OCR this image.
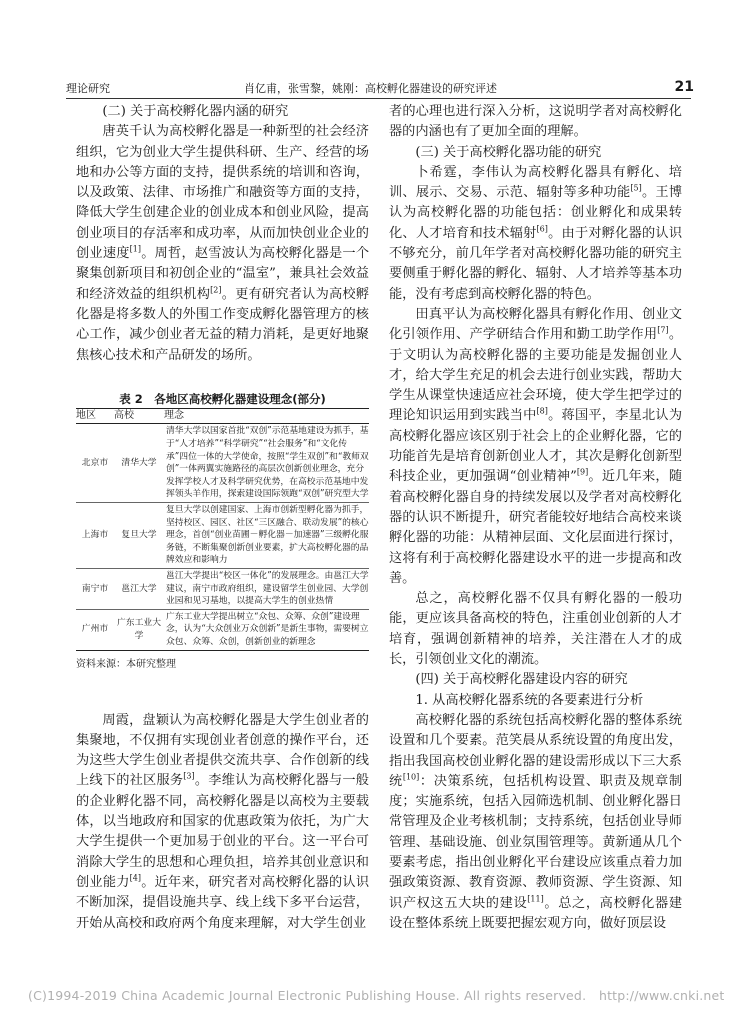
理论研究	肖亿甫，张雪黎，姚刚：高校孵化器建设的研究评述	21

(二) 关于高校孵化器内涵的研究

唐英千认为高校孵化器是一种新型的社会经济组织，它为创业大学生提供科研、生产、经营的场地和办公等方面的支持，提供系统的培训和咨询，以及政策、法律、市场推广和融资等方面的支持，降低大学生创建企业的创业成本和创业风险，提高创业项目的存活率和成功率，从而加快创业企业的创业速度[1]。周哲，赵雪波认为高校孵化器是一个聚集创新项目和初创企业的“温室”，兼具社会效益和经济效益的组织机构[2]。更有研究者认为高校孵化器是将多数人的外围工作变成孵化器管理方的核心工作，减少创业者无益的精力消耗，是更好地聚焦核心技术和产品研发的场所。

表 2　各地区高校孵化器建设理念(部分)
地区	高校	理念
北京市	清华大学	清华大学以国家首批“双创”示范基地建设为抓手，基于“人才培养”“科学研究”“社会服务”和“文化传承”四位一体的大学使命，按照“学生双创”和“教师双创”一体两翼实施路径的高层次创新创业理念，充分发挥学校人才及科学研究优势，在高校示范基地中发挥领头羊作用，探索建设国际领跑“双创”研究型大学
上海市	复旦大学	复旦大学以创建国家、上海市创新型孵化器为抓手，坚持校区、园区、社区“三区融合、联动发展”的核心理念，首创“创业苗圃－孵化器－加速器”三级孵化服务链，不断集聚创新创业要素，扩大高校孵化器的品牌效应和影响力
南宁市	邕江大学	邕江大学提出“校区一体化”的发展理念。由邕江大学建议，南宁市政府组织，建设留学生创业园、大学创业园和见习基地，以提高大学生的创业热情
广州市	广东工业大学	广东工业大学提出树立“众包、众筹、众创”建设理念，认为“大众创业万众创新”是新生事物，需要树立众包、众筹、众创，创新创业的新理念
资料来源：本研究整理

周霞，盘颖认为高校孵化器是大学生创业者的集聚地，不仅拥有实现创业者创意的操作平台，还为这些大学生创业者提供交流共享、合作创新的线上线下的社区服务[3]。李维认为高校孵化器与一般的企业孵化器不同，高校孵化器是以高校为主要载体，以当地政府和国家的优惠政策为依托，为广大大学生提供一个更加易于创业的平台。这一平台可消除大学生的思想和心理负担，培养其创业意识和创业能力[4]。近年来，研究者对高校孵化器的认识不断加深，提倡设施共享、线上线下多平台运营，开始从高校和政府两个角度来理解，对大学生创业

者的心理也进行深入分析，这说明学者对高校孵化器的内涵也有了更加全面的理解。

(三) 关于高校孵化器功能的研究

卜希霆，李伟认为高校孵化器具有孵化、培训、展示、交易、示范、辐射等多种功能[5]。王博认为高校孵化器的功能包括：创业孵化和成果转化、人才培育和技术辐射[6]。由于对孵化器的认识不够充分，前几年学者对高校孵化器功能的研究主要侧重于孵化器的孵化、辐射、人才培养等基本功能，没有考虑到高校孵化器的特色。

田真平认为高校孵化器具有孵化作用、创业文化引领作用、产学研结合作用和勤工助学作用[7]。于文明认为高校孵化器的主要功能是发掘创业人才，给大学生充足的机会去进行创业实践，帮助大学生从课堂快速适应社会环境，使大学生把学过的理论知识运用到实践当中[8]。蒋国平，李星北认为高校孵化器应该区别于社会上的企业孵化器，它的功能首先是培育创新创业人才，其次是孵化创新型科技企业，更加强调“创业精神”[9]。近几年来，随着高校孵化器自身的持续发展以及学者对高校孵化器的认识不断提升，研究者能较好地结合高校来谈孵化器的功能：从精神层面、文化层面进行探讨，这将有利于高校孵化器建设水平的进一步提高和改善。

总之，高校孵化器不仅具有孵化器的一般功能，更应该具备高校的特色，注重创业创新的人才培育，强调创新精神的培养，关注潜在人才的成长，引领创业文化的潮流。

(四) 关于高校孵化器建设内容的研究

1. 从高校孵化器系统的各要素进行分析

高校孵化器的系统包括高校孵化器的整体系统设置和几个要素。范笑晨从系统设置的角度出发，指出我国高校创业孵化器的建设需形成以下三大系统[10]：决策系统，包括机构设置、职责及规章制度；实施系统，包括入园筛选机制、创业孵化器日常管理及企业考核机制；支持系统，包括创业导师管理、基础设施、创业氛围管理等。黄新通从几个要素考虑，指出创业孵化平台建设应该重点着力加强政策资源、教育资源、教师资源、学生资源、知识产权这五大块的建设[11]。总之，高校孵化器建设在整体系统上既要把握宏观方向，做好顶层设

(C)1994-2019 China Academic Journal Electronic Publishing House. All rights reserved.　http://www.cnki.net
